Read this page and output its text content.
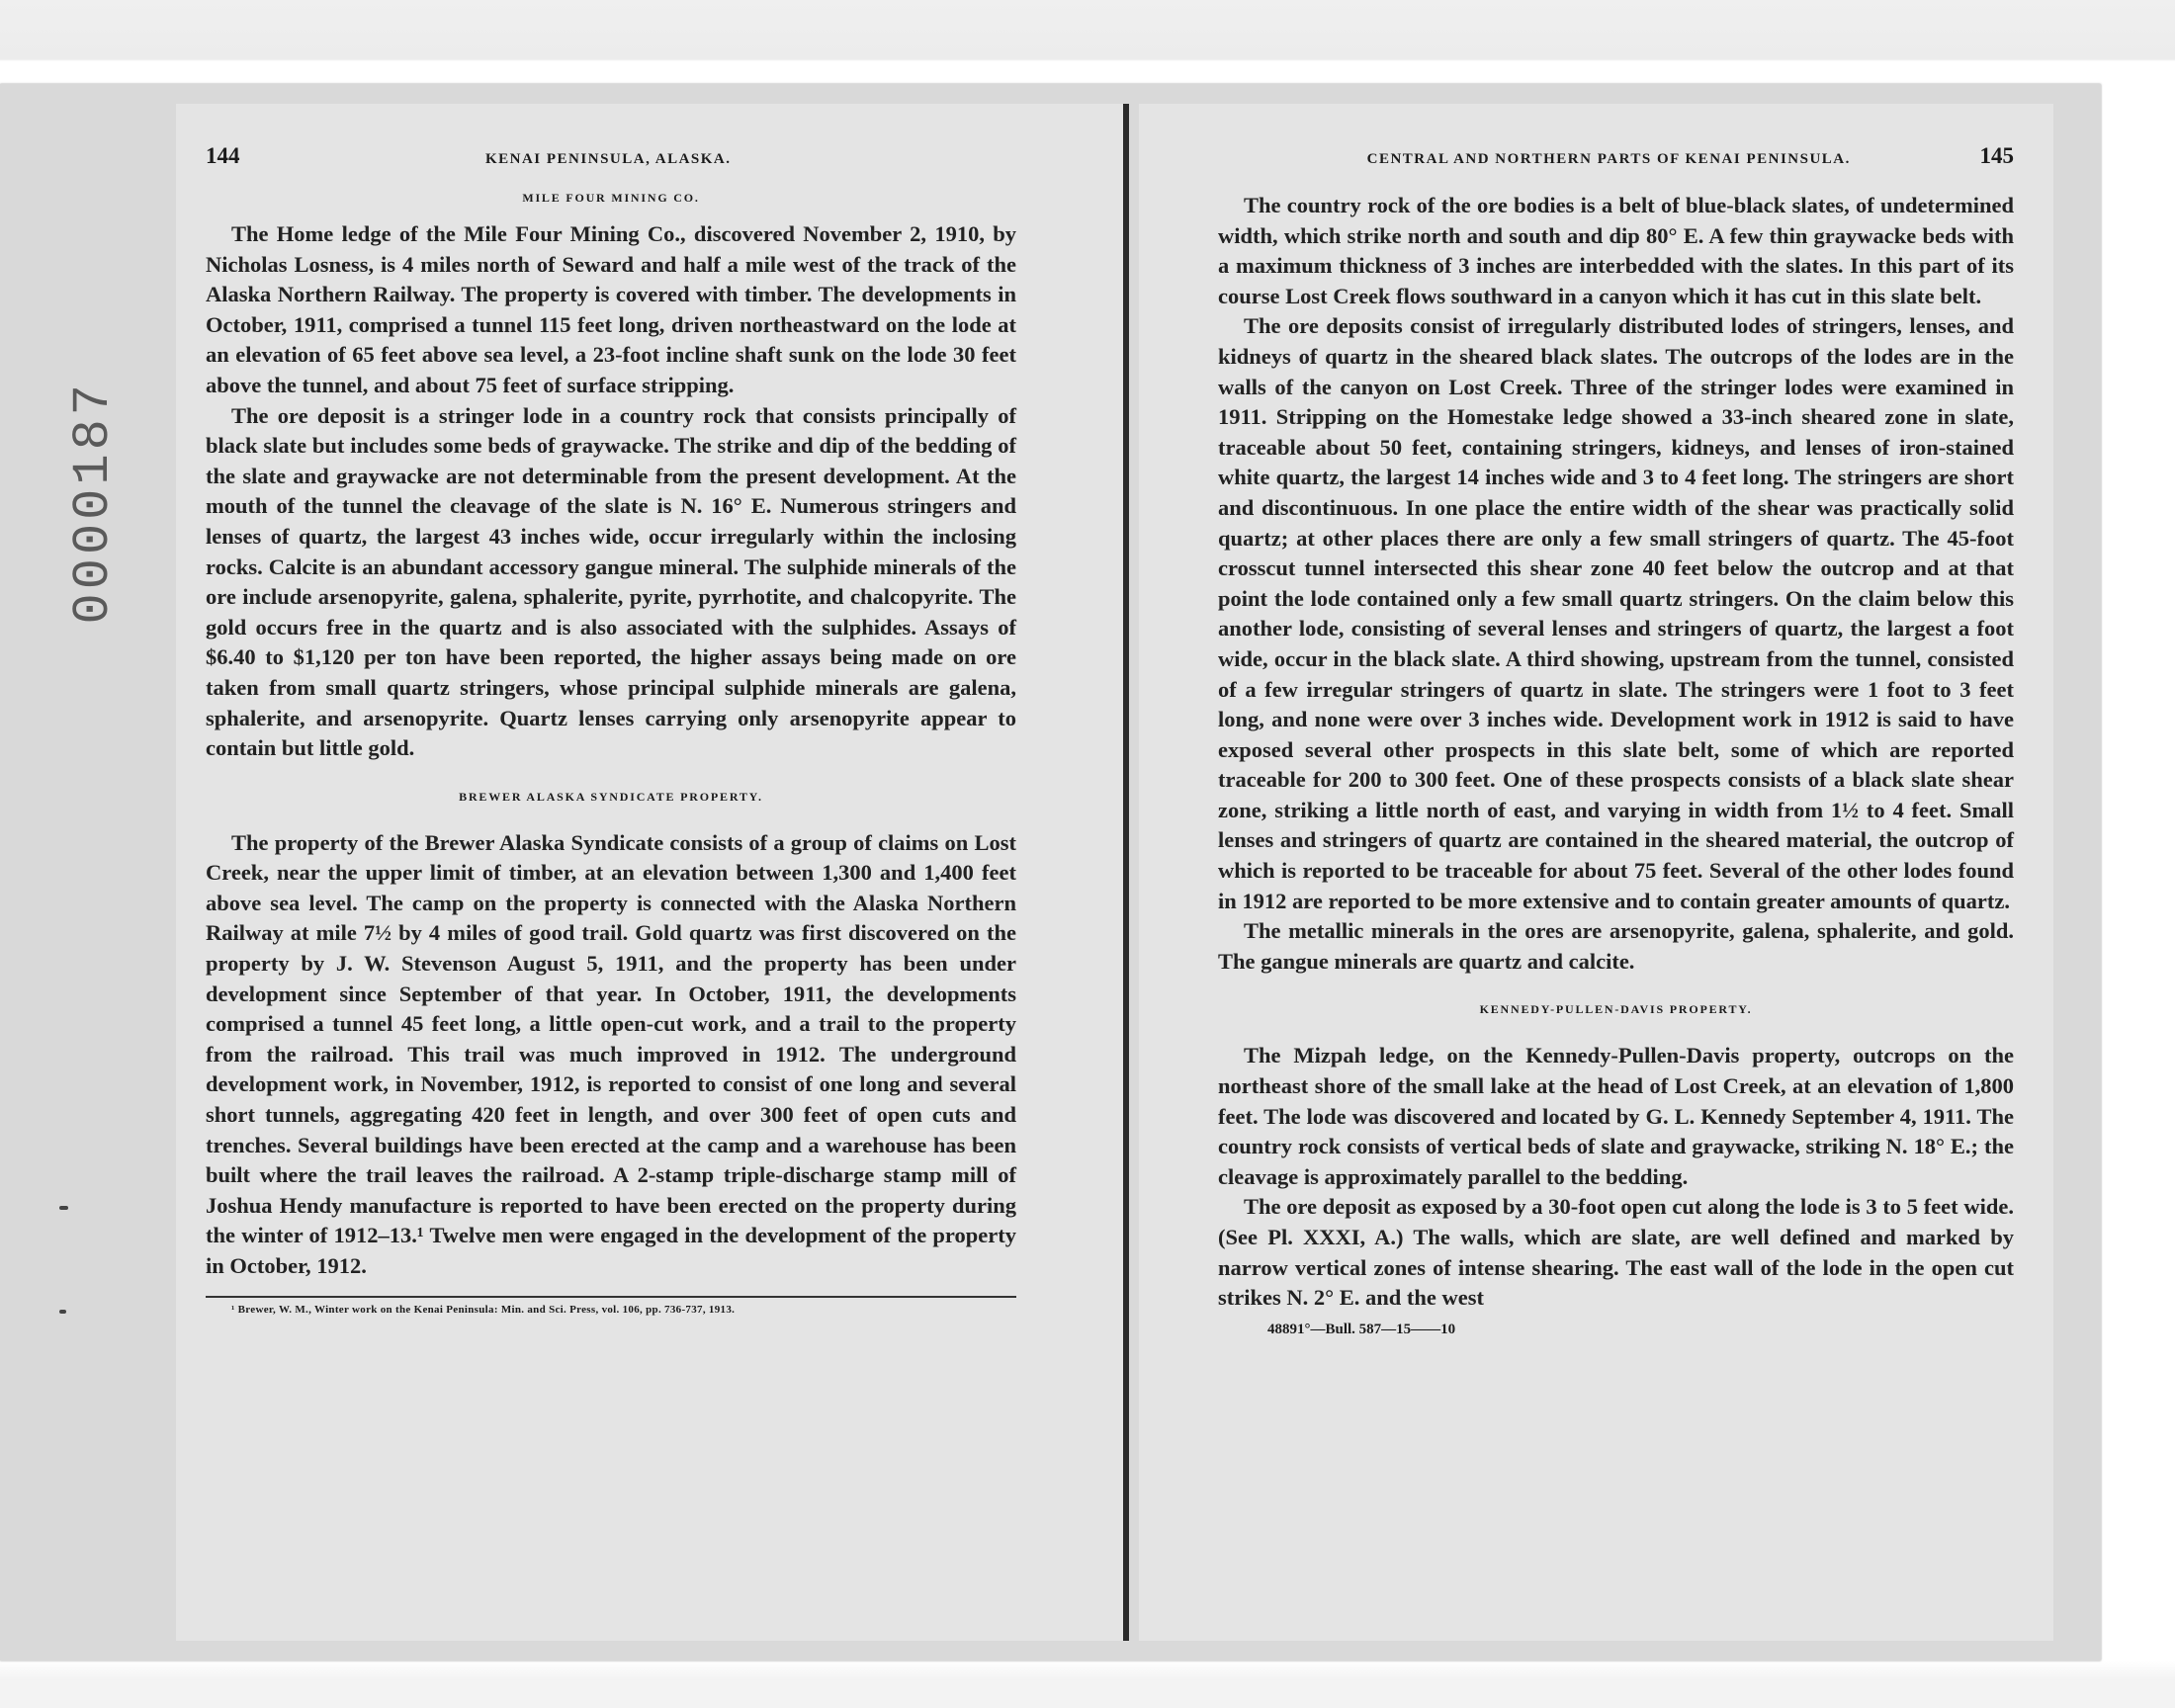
0000187
144	KENAI PENINSULA, ALASKA.
MILE FOUR MINING CO.

The Home ledge of the Mile Four Mining Co., discovered November 2, 1910, by Nicholas Losness, is 4 miles north of Seward and half a mile west of the track of the Alaska Northern Railway. The property is covered with timber. The developments in October, 1911, comprised a tunnel 115 feet long, driven northeastward on the lode at an elevation of 65 feet above sea level, a 23-foot incline shaft sunk on the lode 30 feet above the tunnel, and about 75 feet of surface stripping.

The ore deposit is a stringer lode in a country rock that consists principally of black slate but includes some beds of graywacke. The strike and dip of the bedding of the slate and graywacke are not determinable from the present development. At the mouth of the tunnel the cleavage of the slate is N. 16° E. Numerous stringers and lenses of quartz, the largest 43 inches wide, occur irregularly within the inclosing rocks. Calcite is an abundant accessory gangue mineral. The sulphide minerals of the ore include arsenopyrite, galena, sphalerite, pyrite, pyrrhotite, and chalcopyrite. The gold occurs free in the quartz and is also associated with the sulphides. Assays of $6.40 to $1,120 per ton have been reported, the higher assays being made on ore taken from small quartz stringers, whose principal sulphide minerals are galena, sphalerite, and arsenopyrite. Quartz lenses carrying only arsenopyrite appear to contain but little gold.

BREWER ALASKA SYNDICATE PROPERTY.

The property of the Brewer Alaska Syndicate consists of a group of claims on Lost Creek, near the upper limit of timber, at an elevation between 1,300 and 1,400 feet above sea level. The camp on the property is connected with the Alaska Northern Railway at mile 7½ by 4 miles of good trail. Gold quartz was first discovered on the property by J. W. Stevenson August 5, 1911, and the property has been under development since September of that year. In October, 1911, the developments comprised a tunnel 45 feet long, a little open-cut work, and a trail to the property from the railroad. This trail was much improved in 1912. The underground development work, in November, 1912, is reported to consist of one long and several short tunnels, aggregating 420 feet in length, and over 300 feet of open cuts and trenches. Several buildings have been erected at the camp and a warehouse has been built where the trail leaves the railroad. A 2-stamp triple-discharge stamp mill of Joshua Hendy manufacture is reported to have been erected on the property during the winter of 1912–13.¹ Twelve men were engaged in the development of the property in October, 1912.

¹ Brewer, W. M., Winter work on the Kenai Peninsula: Min. and Sci. Press, vol. 106, pp. 736-737, 1913.
CENTRAL AND NORTHERN PARTS OF KENAI PENINSULA.	145

The country rock of the ore bodies is a belt of blue-black slates, of undetermined width, which strike north and south and dip 80° E. A few thin graywacke beds with a maximum thickness of 3 inches are interbedded with the slates. In this part of its course Lost Creek flows southward in a canyon which it has cut in this slate belt.

The ore deposits consist of irregularly distributed lodes of stringers, lenses, and kidneys of quartz in the sheared black slates. The outcrops of the lodes are in the walls of the canyon on Lost Creek. Three of the stringer lodes were examined in 1911. Stripping on the Homestake ledge showed a 33-inch sheared zone in slate, traceable about 50 feet, containing stringers, kidneys, and lenses of iron-stained white quartz, the largest 14 inches wide and 3 to 4 feet long. The stringers are short and discontinuous. In one place the entire width of the shear was practically solid quartz; at other places there are only a few small stringers of quartz. The 45-foot crosscut tunnel intersected this shear zone 40 feet below the outcrop and at that point the lode contained only a few small quartz stringers. On the claim below this another lode, consisting of several lenses and stringers of quartz, the largest a foot wide, occur in the black slate. A third showing, upstream from the tunnel, consisted of a few irregular stringers of quartz in slate. The stringers were 1 foot to 3 feet long, and none were over 3 inches wide. Development work in 1912 is said to have exposed several other prospects in this slate belt, some of which are reported traceable for 200 to 300 feet. One of these prospects consists of a black slate shear zone, striking a little north of east, and varying in width from 1½ to 4 feet. Small lenses and stringers of quartz are contained in the sheared material, the outcrop of which is reported to be traceable for about 75 feet. Several of the other lodes found in 1912 are reported to be more extensive and to contain greater amounts of quartz.

The metallic minerals in the ores are arsenopyrite, galena, sphalerite, and gold. The gangue minerals are quartz and calcite.

KENNEDY-PULLEN-DAVIS PROPERTY.

The Mizpah ledge, on the Kennedy-Pullen-Davis property, outcrops on the northeast shore of the small lake at the head of Lost Creek, at an elevation of 1,800 feet. The lode was discovered and located by G. L. Kennedy September 4, 1911. The country rock consists of vertical beds of slate and graywacke, striking N. 18° E.; the cleavage is approximately parallel to the bedding.

The ore deposit as exposed by a 30-foot open cut along the lode is 3 to 5 feet wide. (See Pl. XXXI, A.) The walls, which are slate, are well defined and marked by narrow vertical zones of intense shearing. The east wall of the lode in the open cut strikes N. 2° E. and the west

48891°—Bull. 587—15——10
